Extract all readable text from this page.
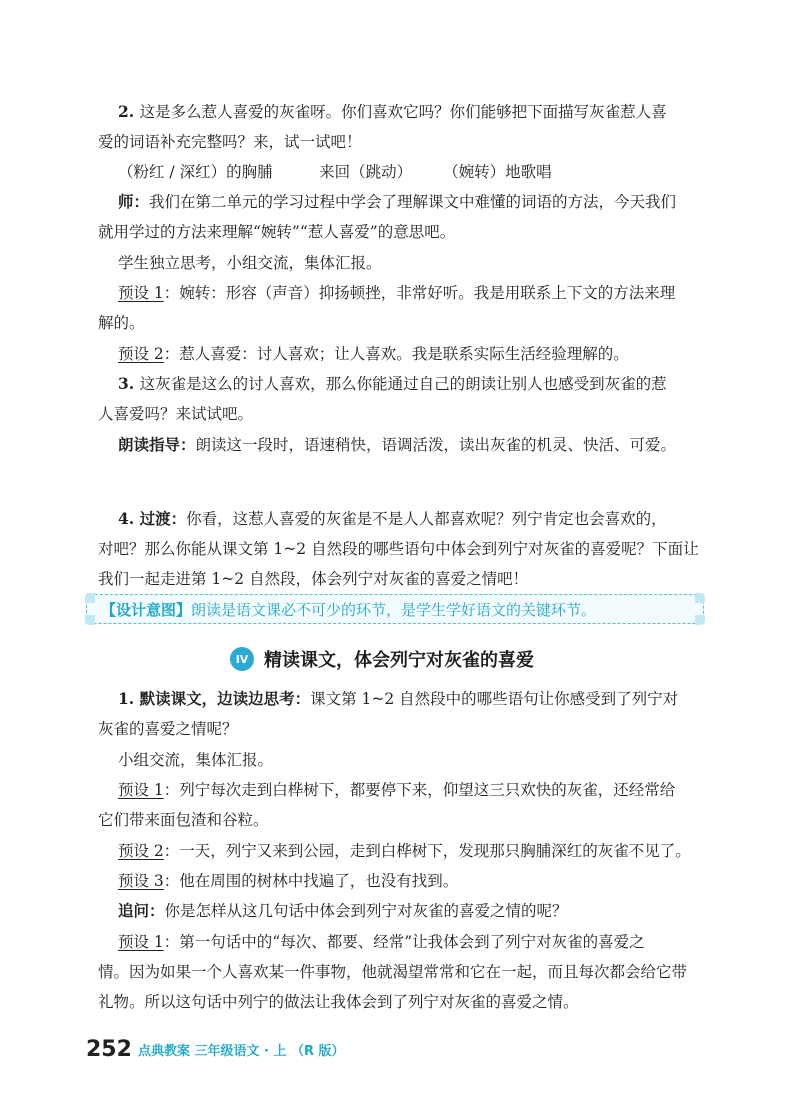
2. 这是多么惹人喜爱的灰雀呀。你们喜欢它吗？你们能够把下面描写灰雀惹人喜

爱的词语补充完整吗？来，试一试吧！

（粉红 / 深红）的胸脯　　　来回（跳动）　　　（婉转）地歌唱

师：我们在第二单元的学习过程中学会了理解课文中难懂的词语的方法，今天我们

就用学过的方法来理解“婉转”“惹人喜爱”的意思吧。

学生独立思考，小组交流，集体汇报。

预设 1：婉转：形容（声音）抑扬顿挫，非常好听。我是用联系上下文的方法来理

解的。

预设 2：惹人喜爱：讨人喜欢；让人喜欢。我是联系实际生活经验理解的。

3. 这灰雀是这么的讨人喜欢，那么你能通过自己的朗读让别人也感受到灰雀的惹

人喜爱吗？来试试吧。

朗读指导：朗读这一段时，语速稍快，语调活泼，读出灰雀的机灵、快活、可爱。

4. 过渡：你看，这惹人喜爱的灰雀是不是人人都喜欢呢？列宁肯定也会喜欢的，

对吧？那么你能从课文第 1~2 自然段的哪些语句中体会到列宁对灰雀的喜爱呢？下面让

我们一起走进第 1~2 自然段，体会列宁对灰雀的喜爱之情吧！

【设计意图】朗读是语文课必不可少的环节，是学生学好语文的关键环节。
IV 精读课文，体会列宁对灰雀的喜爱

1. 默读课文，边读边思考：课文第 1~2 自然段中的哪些语句让你感受到了列宁对

灰雀的喜爱之情呢？

小组交流，集体汇报。

预设 1：列宁每次走到白桦树下，都要停下来，仰望这三只欢快的灰雀，还经常给

它们带来面包渣和谷粒。

预设 2：一天，列宁又来到公园，走到白桦树下，发现那只胸脯深红的灰雀不见了。

预设 3：他在周围的树林中找遍了，也没有找到。

追问：你是怎样从这几句话中体会到列宁对灰雀的喜爱之情的呢？

预设 1：第一句话中的“每次、都要、经常”让我体会到了列宁对灰雀的喜爱之

情。因为如果一个人喜欢某一件事物，他就渴望常常和它在一起，而且每次都会给它带

礼物。所以这句话中列宁的做法让我体会到了列宁对灰雀的喜爱之情。

252 点典教案 三年级语文 · 上 （R 版）
